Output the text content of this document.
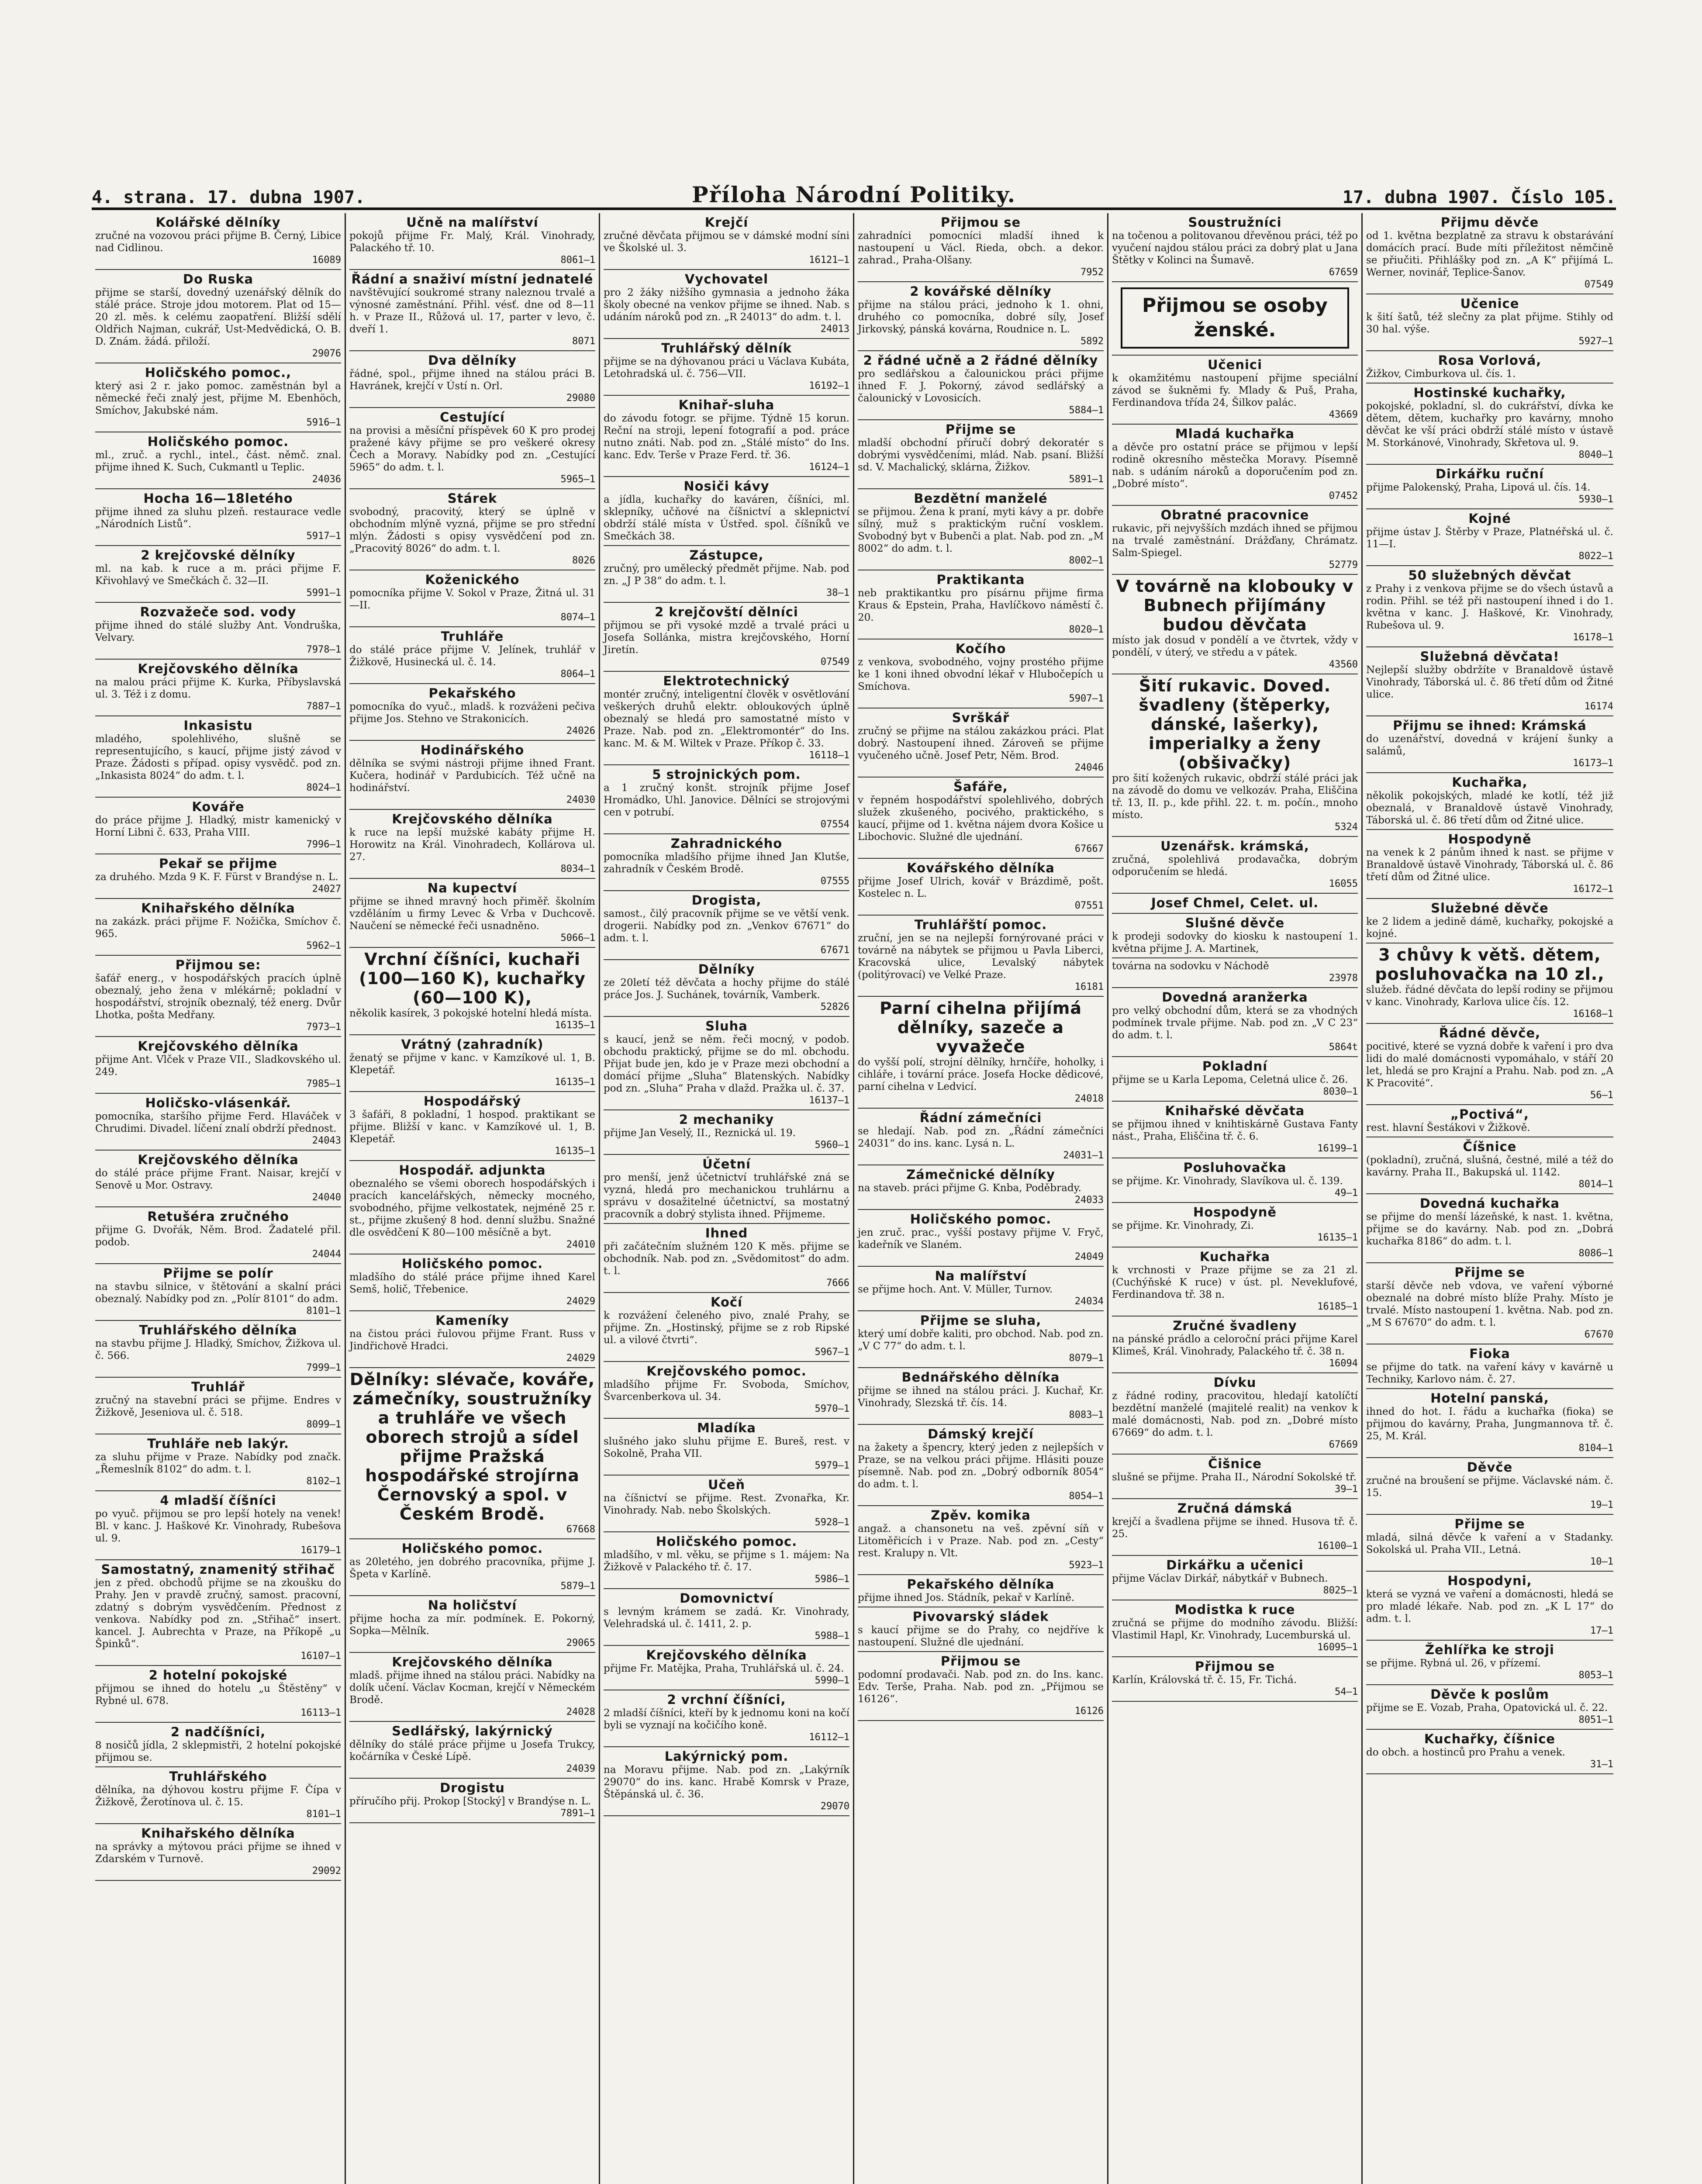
4. strana. 17. dubna 1907.	Příloha Národní Politiky.	17. dubna 1907. Číslo 105.
Kolářské dělníky

zručné na vozovou práci přijme B. Černý, Libice nad Cidlinou.

16089
Do Ruska

přijme se starší, dovedný uzenářský dělník do stálé práce. Stroje jdou motorem. Plat od 15—20 zl. měs. k celému zaopatření. Bližší sdělí Oldřich Najman, cukrář, Ust-Medvědická, O. B. D. Znám. žádá. přiloží.

29076
Holičského pomoc.,

který asi 2 r. jako pomoc. zaměstnán byl a německé řeči znalý jest, přijme M. Ebenhöch, Smíchov, Jakubské nám.

5916—1
Holičského pomoc.

ml., zruč. a rychl., intel., část. němč. znal. přijme ihned K. Such, Cukmantl u Teplic.

24036
Hocha 16—18letého

přijme ihned za sluhu plzeň. restaurace vedle „Národních Listů“.

5917—1
2 krejčovské dělníky

ml. na kab. k ruce a m. práci přijme F. Křivohlavý ve Smečkách č. 32—II.

5991—1
Rozvažeče sod. vody

přijme ihned do stálé služby Ant. Vondruška, Velvary.

7978—1
Krejčovského dělníka

na malou práci přijme K. Kurka, Příbyslavská ul. 3. Též i z domu.

7887—1
Inkasistu

mladého, spolehlivého, slušně se representujícího, s kaucí, přijme jistý závod v Praze. Žádosti s případ. opisy vysvědč. pod zn. „Inkasista 8024“ do adm. t. l.

8024—1
Kováře

do práce přijme J. Hladký, mistr kamenický v Horní Libni č. 633, Praha VIII.

7996—1
Pekař se přijme

za druhého. Mzda 9 K. F. Fürst v Brandýse n. L.

24027
Knihařského dělníka

na zakázk. práci přijme F. Nožička, Smíchov č. 965.

5962—1
Přijmou se:

šafář energ., v hospodářských pracích úplně obeznalý, jeho žena v mlékárně; pokladní v hospodářství, strojník obeznalý, též energ. Dvůr Lhotka, pošta Medřany.

7973—1
Krejčovského dělníka

přijme Ant. Vlček v Praze VII., Sladkovského ul. 249.

7985—1
Holičsko-vlásenkář.

pomocníka, staršího přijme Ferd. Hlaváček v Chrudimi. Divadel. líčení znalí obdrží přednost.

24043
Krejčovského dělníka

do stálé práce přijme Frant. Naisar, krejčí v Senově u Mor. Ostravy.

24040
Retušéra zručného

přijme G. Dvořák, Něm. Brod. Žadatelé přil. podob.

24044
Přijme se polír

na stavbu silnice, v štětování a skalní práci obeznalý. Nabídky pod zn. „Polír 8101“ do adm.

8101—1
Truhlářského dělníka

na stavbu přijme J. Hladký, Smíchov, Žižkova ul. č. 566.

7999—1
Truhlář

zručný na stavební práci se přijme. Endres v Žižkově, Jeseniova ul. č. 518.

8099—1
Truhláře neb lakýr.

za sluhu přijme v Praze. Nabídky pod značk. „Řemeslník 8102“ do adm. t. l.

8102—1
4 mladší číšníci

po vyuč. přijmou se pro lepší hotely na venek! Bl. v kanc. J. Haškové Kr. Vinohrady, Rubešova ul. 9.

16179—1
Samostatný, znamenitý střihač

jen z před. obchodů přijme se na zkoušku do Prahy. Jen v pravdě zručný, samost. pracovní, zdatný s dobrým vysvědčením. Přednost z venkova. Nabídky pod zn. „Střihač“ insert. kancel. J. Aubrechta v Praze, na Příkopě „u Špinků“.

16107—1
2 hotelní pokojské

přijmou se ihned do hotelu „u Štěstěny“ v Rybné ul. 678.

16113—1
2 nadčíšníci,

8 nosičů jídla, 2 sklepmistři, 2 hotelní pokojské přijmou se.

Truhlářského

dělníka, na dýhovou kostru přijme F. Čípa v Žižkově, Žerotínova ul. č. 15.

8101—1
Knihařského dělníka

na správky a mýtovou práci přijme se ihned v Zdarském v Turnově.

29092
Učně na malířství

pokojů přijme Fr. Malý, Král. Vinohrady, Palackého tř. 10.

8061—1
Řádní a snaživí místní jednatelé

navštěvující soukromé strany naleznou trvalé a výnosné zaměstnání. Přihl. vésť. dne od 8—11 h. v Praze II., Růžová ul. 17, parter v levo, č. dveří 1.

8071
Dva dělníky

řádné, spol., přijme ihned na stálou práci B. Havránek, krejčí v Ústí n. Orl.

29080
Cestující

na provisi a měsíční příspěvek 60 K pro prodej pražené kávy přijme se pro veškeré okresy Čech a Moravy. Nabídky pod zn. „Cestující 5965“ do adm. t. l.

5965—1
Stárek

svobodný, pracovitý, který se úplně v obchodním mlýně vyzná, přijme se pro střední mlýn. Žádosti s opisy vysvědčení pod zn. „Pracovitý 8026“ do adm. t. l.

8026
Koženického

pomocníka přijme V. Sokol v Praze, Žitná ul. 31—II.

8074—1
Truhláře

do stálé práce přijme V. Jelínek, truhlář v Žižkově, Husinecká ul. č. 14.

8064—1
Pekařského

pomocníka do vyuč., mladš. k rozváženi pečiva přijme Jos. Stehno ve Strakonicích.

24026
Hodinářského

dělníka se svými nástroji přijme ihned Frant. Kučera, hodinář v Pardubicích. Též učně na hodinářství.

24030
Krejčovského dělníka

k ruce na lepší mužské kabáty přijme H. Horowitz na Král. Vinohradech, Kollárova ul. 27.

8034—1
Na kupectví

přijme se ihned mravný hoch přiměř. školním vzděláním u firmy Levec & Vrba v Duchcově. Naučení se německé řeči usnadněno.

5066—1
Vrchní číšníci, kuchaři (100—160 K), kuchařky (60—100 K),

několik kasírek, 3 pokojské hotelní hledá místa.

16135—1
Vrátný (zahradník)

ženatý se přijme v kanc. v Kamzíkové ul. 1, B. Klepetář.

16135—1
Hospodářský

3 šafáři, 8 pokladní, 1 hospod. praktikant se přijme. Bližší v kanc. v Kamzíkové ul. 1, B. Klepetář.

16135—1
Hospodář. adjunkta

obeznalého se všemi oborech hospodářských i pracích kancelářských, německy mocného, svobodného, přijme velkostatek, nejméně 25 r. st., přijme zkušený 8 hod. denní službu. Snažné dle osvědčení K 80—100 měsíčně a byt.

24010
Holičského pomoc.

mladšího do stálé práce přijme ihned Karel Semš, holič, Třebenice.

24029
Kameníky

na čistou práci řulovou přijme Frant. Russ v Jindřichově Hradci.

24029
Dělníky: slévače, kováře, zámečníky, soustružníky a truhláře ve všech oborech strojů a sídel přijme Pražská hospodářské strojírna Černovský a spol. v Českém Brodě.
67668
Holičského pomoc.

as 20letého, jen dobrého pracovníka, přijme J. Špeta v Karlíně.

5879—1
Na holičství

přijme hocha za mír. podmínek. E. Pokorný, Sopka—Mělník.

29065
Krejčovského dělníka

mladš. přijme ihned na stálou práci. Nabídky na dolík učení. Václav Kocman, krejčí v Německém Brodě.

24028
Sedlářský, lakýrnický

dělníky do stálé práce přijme u Josefa Trukcy, kočárníka v České Lípě.

24039
Drogistu

příručího přij. Prokop [Stocký] v Brandýse n. L.

7891—1
Krejčí

zručné děvčata přijmou se v dámské modní síni ve Školské ul. 3.

16121—1
Vychovatel

pro 2 žáky nižšího gymnasia a jednoho žáka školy obecné na venkov přijme se ihned. Nab. s udáním nároků pod zn. „R 24013“ do adm. t. l.

24013
Truhlářský dělník

přijme se na dýhovanou práci u Václava Kubáta, Letohradská ul. č. 756—VII.

16192—1
Knihař-sluha

do závodu fotogr. se přijme. Týdně 15 korun. Reční na stroji, lepení fotografií a pod. práce nutno znáti. Nab. pod zn. „Stálé místo“ do Ins. kanc. Edv. Terše v Praze Ferd. tř. 36.

16124—1
Nosiči kávy

a jídla, kuchařky do kaváren, číšníci, ml. sklepníky, učňové na číšnictví a sklepnictví obdrží stálé místa v Ústřed. spol. číšníků ve Smečkách 38.

Zástupce,

zručný, pro umělecký předmět přijme. Nab. pod zn. „J P 38“ do adm. t. l.

38—1
2 krejčovští dělníci

přijmou se při vysoké mzdě a trvalé práci u Josefa Sollánka, mistra krejčovského, Horní Jiretín.

07549
Elektrotechnický

montér zručný, inteligentní člověk v osvětlování veškerých druhů elektr. obloukových úplně obeznalý se hledá pro samostatné místo v Praze. Nab. pod zn. „Elektromontér“ do Ins. kanc. M. & M. Wiltek v Praze. Příkop č. 33.

16118—1
5 strojnických pom.

a 1 zručný konšt. strojník přijme Josef Hromádko, Uhl. Janovice. Dělníci se strojovými cen v potrubí.

07554
Zahradnického

pomocníka mladšího přijme ihned Jan Klutše, zahradník v Českém Brodě.

07555
Drogista,

samost., čilý pracovník přijme se ve větší venk. drogerii. Nabídky pod zn. „Venkov 67671“ do adm. t. l.

67671
Dělníky

ze 20letí též děvčata a hochy přijme do stálé práce Jos. J. Suchánek, továrník, Vamberk.

52826
Sluha

s kaucí, jenž se něm. řeči mocný, v podob. obchodu praktický, přijme se do ml. obchodu. Přijat bude jen, kdo je v Praze mezi obchodní a domácí přijme „Sluha“ Blatenských. Nabídky pod zn. „Sluha“ Praha v dlažd. Pražka ul. č. 37.

16137—1
2 mechaniky

přijme Jan Veselý, II., Reznická ul. 19.

5960—1
Účetní

pro menší, jenž účetnictví truhlářské zná se vyzná, hledá pro mechanickou truhlárnu a správu v dosažitelné účetnictví, sa mostatný pracovník a dobrý stylista ihned. Přijmeme.

Ihned

při začátečním služném 120 K měs. přijme se obchodník. Nab. pod zn. „Svědomitost“ do adm. t. l.

7666
Kočí

k rozvážení čeleného pivo, znalé Prahy, se přijme. Zn. „Hostinský, přijme se z rob Ripské ul. a vilové čtvrti“.

5967—1
Krejčovského pomoc.

mladšího přijme Fr. Svoboda, Smíchov, Švarcenberkova ul. 34.

5970—1
Mladíka

slušného jako sluhu přijme E. Bureš, rest. v Sokolně, Praha VII.

5979—1
Učeň

na číšnictví se přijme. Rest. Zvonařka, Kr. Vinohrady. Nab. nebo Školských.

5928—1
Holičského pomoc.

mladšího, v ml. věku, se přijme s 1. májem: Na Žižkově v Palackého tř. č. 17.

5986—1
Domovnictví

s levným krámem se zadá. Kr. Vinohrady, Velehradská ul. č. 1411, 2. p.

5988—1
Krejčovského dělníka

přijme Fr. Matějka, Praha, Truhlářská ul. č. 24.

5990—1
2 vrchní číšníci,

2 mladší číšníci, kteří by k jednomu koni na kočí byli se vyznají na kočičího koně.

16112—1
Lakýrnický pom.

na Moravu přijme. Nab. pod zn. „Lakýrník 29070“ do ins. kanc. Hrabě Komrsk v Praze, Štěpánská ul. č. 36.

29070
Přijmou se

zahradníci pomocníci mladší ihned k nastoupení u Václ. Rieda, obch. a dekor. zahrad., Praha-Olšany.

7952
2 kovářské dělníky

přijme na stálou práci, jednoho k 1. ohni, druhého co pomocníka, dobré síly, Josef Jirkovský, pánská kovárna, Roudnice n. L.

5892
2 řádné učně a 2 řádné dělníky

pro sedlářskou a čalounickou práci přijme ihned F. J. Pokorný, závod sedlářský a čalounický v Lovosicích.

5884—1
Přijme se

mladší obchodní příručí dobrý dekoratér s dobrými vysvědčeními, mlád. Nab. psaní. Bližší sd. V. Machalický, sklárna, Žižkov.

5891—1
Bezdětní manželé

se přijmou. Žena k praní, myti kávy a pr. dobře sílný, muž s praktickým ruční vosklem. Svobodný byt v Bubenči a plat. Nab. pod zn. „M 8002“ do adm. t. l.

8002—1
Praktikanta

neb praktikantku pro písárnu přijme firma Kraus & Epstein, Praha, Havlíčkovo náměstí č. 20.

8020—1
Kočího

z venkova, svobodného, vojny prostého přijme ke 1 koni ihned obvodní lékař v Hlubočepích u Smíchova.

5907—1
Svrškář

zručný se přijme na stálou zakázkou práci. Plat dobrý. Nastoupení ihned. Zároveň se přijme vyučeného učně. Josef Petr, Něm. Brod.

24046
Šafáře,

v řepném hospodářství spolehlivého, dobrých služek zkušeného, pocivého, praktického, s kaucí, přijme od 1. května nájem dvora Košice u Libochovic. Služné dle ujednání.

67667
Kovářského dělníka

přijme Josef Ulrich, kovář v Brázdimě, pošt. Kostelec n. L.

07551
Truhlářští pomoc.

zruční, jen se na nejlepší fornýrované práci v továrně na nábytek se přijmou u Pavla Liberci, Kracovská ulice, Levalský nábytek (politýrovací) ve Velké Praze.

16181
Parní cihelna přijímá dělníky, sazeče a vyvažeče

do vyšší polí, strojní dělníky, hrnčíře, hoholky, i cihláře, i tovární práce. Josefa Hocke dědicové, parní cihelna v Ledvicí.

24018
Řádní zámečníci

se hledají. Nab. pod zn. „Řádní zámečníci 24031“ do ins. kanc. Lysá n. L.

24031—1
Zámečnické dělníky

na staveb. práci přijme G. Knba, Poděbrady.

24033
Holičského pomoc.

jen zruč. prac., vyšší postavy přijme V. Fryč, kadeřník ve Slaném.

24049
Na malířství

se přijme hoch. Ant. V. Müller, Turnov.

24034
Přijme se sluha,

který umí dobře kaliti, pro obchod. Nab. pod zn. „V C 77“ do adm. t. l.

8079—1
Bednářského dělníka

přijme se ihned na stálou práci. J. Kuchař, Kr. Vinohrady, Slezská tř. čís. 14.

8083—1
Dámský krejčí

na žakety a špencry, který jeden z nejlepších v Praze, se na velkou práci přijme. Hlásiti pouze písemně. Nab. pod zn. „Dobrý odborník 8054“ do adm. t. l.

8054—1
Zpěv. komika

angaž. a chansonetu na veš. zpěvní síň v Litoměřicích i v Praze. Nab. pod zn. „Cesty“ rest. Kralupy n. Vlt.

5923—1
Pekařského dělníka

přijme ihned Jos. Stádník, pekař v Karlíně.

Pivovarský sládek

s kaucí přijme se do Prahy, co nejdříve k nastoupení. Služné dle ujednání.

Přijmou se

podomní prodavači. Nab. pod zn. do Ins. kanc. Edv. Terše, Praha. Nab. pod zn. „Přijmou se 16126“.

16126
Soustružníci

na točenou a politovanou dřevěnou práci, též po vyučení najdou stálou práci za dobrý plat u Jana Štětky v Kolinci na Šumavě.

67659
Přijmou se osoby ženské.
Učenici

k okamžitému nastoupení přijme speciální závod se šukněmi fy. Mlady & Puš, Praha, Ferdinandova třída 24, Šilkov palác.

43669
Mladá kuchařka

a děvče pro ostatní práce se přijmou v lepší rodině okresního městečka Moravy. Písemně nab. s udáním nároků a doporučením pod zn. „Dobré místo“.

07452
Obratné pracovnice

rukavic, při nejvyšších mzdách ihned se přijmou na trvalé zaměstnání. Drážďany, Chrámatz. Salm-Spiegel.

52779
V továrně na klobouky v Bubnech přijímány budou děvčata

místo jak dosud v pondělí a ve čtvrtek, vždy v pondělí, v úterý, ve středu a v pátek.

43560
Šití rukavic. Doved. švadleny (štěperky, dánské, lašerky), imperialky a ženy (obšivačky)

pro šití kožených rukavic, obdrží stálé práci jak na závodě do domu ve velkozáv. Praha, Eliščina tř. 13, II. p., kde přihl. 22. t. m. počín., mnoho místo.

5324
Uzenářsk. krámská,

zručná, spolehlivá prodavačka, dobrým odporučením se hledá.

16055
Josef Chmel, Celet. ul.
Slušné děvče

k prodeji sodovky do kiosku k nastoupení 1. května přijme J. A. Martinek,

továrna na sodovku v Náchodě

23978
Dovedná aranžerka

pro velký obchodní dům, která se za vhodných podmínek trvale přijme. Nab. pod zn. „V C 23“ do adm. t. l.

5864t
Pokladní

přijme se u Karla Lepoma, Celetná ulice č. 26.

8030—1
Knihařské děvčata

se přijmou ihned v knihtiskárně Gustava Fanty nást., Praha, Eliščina tř. č. 6.

16199—1
Posluhovačka

se přijme. Kr. Vinohrady, Slavíkova ul. č. 139.

49—1
Hospodyně

se přijme. Kr. Vinohrady, Zi.

16135—1
Kuchařka

k vrchnosti v Praze přijme se za 21 zl. (Cuchýňské K ruce) v úst. pl. Neveklufové, Ferdinandova tř. 38 n.

16185—1
Zručné švadleny

na pánské prádlo a celoroční práci přijme Karel Klimeš, Král. Vinohrady, Palackého tř. č. 38 n.

16094
Dívku

z řádné rodiny, pracovitou, hledají katolíčtí bezdětní manželé (majitelé realit) na venkov k malé domácnosti, Nab. pod zn. „Dobré místo 67669“ do adm. t. l.

67669
Čišnice

slušné se přijme. Praha II., Národní Sokolské tř.

39—1
Zručná dámská

krejčí a švadlena přijme se ihned. Husova tř. č. 25.

16100—1
Dirkářku a učenici

přijme Václav Dirkář, nábytkář v Bubnech.

8025—1
Modistka k ruce

zručná se přijme do modního závodu. Bližší: Vlastimil Hapl, Kr. Vinohrady, Lucemburská ul.

16095—1
Přijmou se

Karlín, Královská tř. č. 15, Fr. Tichá.

54—1
Přijmu děvče

od 1. května bezplatně za stravu k obstarávání domácích prací. Bude míti příležitost němčině se přiučiti. Přihlášky pod zn. „A K“ přijímá L. Werner, novinář, Teplice-Šanov.

07549
Učenice

k šití šatů, též slečny za plat přijme. Stihly od 30 hal. výše.

5927—1
Rosa Vorlová,

Žižkov, Cimburkova ul. čís. 1.

Hostinské kuchařky,

pokojské, pokladní, sl. do cukrářství, dívka ke dětem, dětem, kuchařky pro kavárny, mnoho děvčat ke vší práci obdrží stálé místo v ústavě M. Storkánové, Vinohrady, Skřetova ul. 9.

8040—1
Dirkářku ruční

přijme Palokenský, Praha, Lipová ul. čís. 14.

5930—1
Kojné

přijme ústav J. Štěrby v Praze, Platnéřská ul. č. 11—I.

8022—1
50 služebných děvčat

z Prahy i z venkova přijme se do všech ústavů a rodin. Přihl. se též při nastoupení ihned i do 1. května v kanc. J. Haškové, Kr. Vinohrady, Rubešova ul. 9.

16178—1
Služebná děvčata!

Nejlepší služby obdržíte v Branaldově ústavě Vinohrady, Táborská ul. č. 86 třetí dům od Žitné ulice.

16174
Přijmu se ihned: Krámská

do uzenářství, dovedná v krájení šunky a salámů,

16173—1
Kuchařka,

několik pokojských, mladé ke kotlí, též již obeznalá, v Branaldově ústavě Vinohrady, Táborská ul. č. 86 třetí dům od Žitné ulice.

Hospodyně

na venek k 2 pánům ihned k nast. se přijme v Branaldově ústavě Vinohrady, Táborská ul. č. 86 třetí dům od Žitné ulice.

16172—1
Služebné děvče

ke 2 lidem a jedině dámě, kuchařky, pokojské a kojné.

3 chůvy k větš. dětem, posluhovačka na 10 zl.,

služeb. řádné děvčata do lepší rodiny se přijmou v kanc. Vinohrady, Karlova ulice čís. 12.

16168—1
Řádné děvče,

pocitivé, které se vyzná dobře k vaření i pro dva lidi do malé domácnosti vypomáhalo, v stáří 20 let, hledá se pro Krajní a Prahu. Nab. pod zn. „A K Pracovité“.

56—1
„Poctivá“,

rest. hlavní Šestákovi v Žižkově.

Číšnice

(pokladní), zručná, slušná, čestné, milé a též do kavárny. Praha II., Bakupská ul. 1142.

8014—1
Dovedná kuchařka

se přijme do menší lázeňské, k nast. 1. května, přijme se do kavárny. Nab. pod zn. „Dobrá kuchařka 8186“ do adm. t. l.

8086—1
Přijme se

starší děvče neb vdova, ve vaření výborné obeznalé na dobré místo blíže Prahy. Místo je trvalé. Místo nastoupení 1. května. Nab. pod zn. „M S 67670“ do adm. t. l.

67670
Fioka

se přijme do tatk. na vaření kávy v kavárně u Techniky, Karlovo nám. č. 27.

Hotelní panská,

ihned do hot. I. řádu a kuchařka (fioka) se přijmou do kavárny, Praha, Jungmannova tř. č. 25, M. Král.

8104—1
Děvče

zručné na broušení se přijme. Václavské nám. č. 15.

19—1
Přijme se

mladá, silná děvče k vaření a v Stadanky. Sokolská ul. Praha VII., Letná.

10—1
Hospodyni,

která se vyzná ve vaření a domácnosti, hledá se pro mladé lékaře. Nab. pod zn. „K L 17“ do adm. t. l.

17—1
Žehlířka ke stroji

se přijme. Rybná ul. 26, v přízemí.

8053—1
Děvče k poslům

přijme se E. Vozab, Praha, Opatovická ul. č. 22.

8051—1
Kuchařky, číšnice

do obch. a hostinců pro Prahu a venek.

31—1
